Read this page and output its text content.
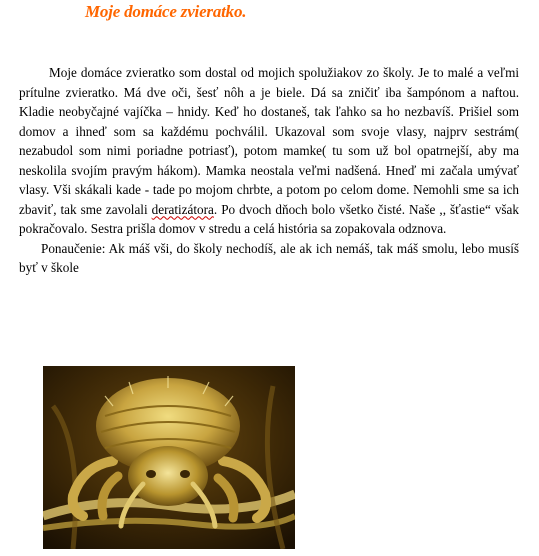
Moje domáce zvieratko.

Moje domáce zvieratko som dostal od mojich spolužiakov zo školy. Je to malé a veľmi prítulne zvieratko. Má dve oči, šesť nôh a je biele. Dá sa zničiť iba šampónom a naftou. Kladie neobyčajné vajíčka – hnidy. Keď ho dostaneš, tak ľahko sa ho nezbavíš. Prišiel som domov a ihneď som sa každému pochválil. Ukazoval som svoje vlasy, najprv sestrám( nezabudol som nimi poriadne potriasť), potom mamke( tu som už bol opatrnejší, aby ma neskolila svojím pravým hákom). Mamka neostala veľmi nadšená. Hneď mi začala umývať vlasy. Vši skákali kade - tade po mojom chrbte, a potom po celom dome. Nemohli sme sa ich zbaviť, tak sme zavolali deratizátora. Po dvoch dňoch bolo všetko čisté. Naše ,, šťastie“ však pokračovalo. Sestra prišla domov v stredu a celá história sa zopakovala odznova.

Ponaučenie: Ak máš vši, do školy nechodíš, ale ak ich nemáš, tak máš smolu, lebo musíš byť v škole
